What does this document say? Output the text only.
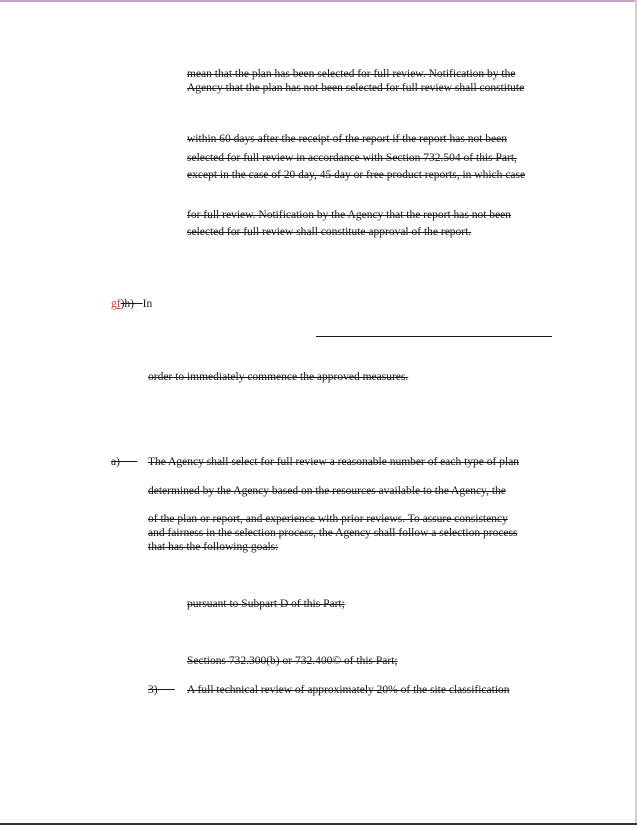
mean that the plan has been selected for full review. Notification by the
Agency that the plan has not been selected for full review shall constitute
within 60 days after the receipt of the report if the report has not been
selected for full review in accordance with Section 732.504 of this Part,
except in the case of 20 day, 45 day or free product reports, in which case
for full review. Notification by the Agency that the report has not been
selected for full review shall constitute approval of the report.
gf)h) In
order to immediately commence the approved measures.
a)	The Agency shall select for full review a reasonable number of each type of plan
determined by the Agency based on the resources available to the Agency, the
of the plan or report, and experience with prior reviews. To assure consistency
and fairness in the selection process, the Agency shall follow a selection process
that has the following goals:
pursuant to Subpart D of this Part;
Sections 732.300(b) or 732.400© of this Part;
3)	A full technical review of approximately 20% of the site classification
